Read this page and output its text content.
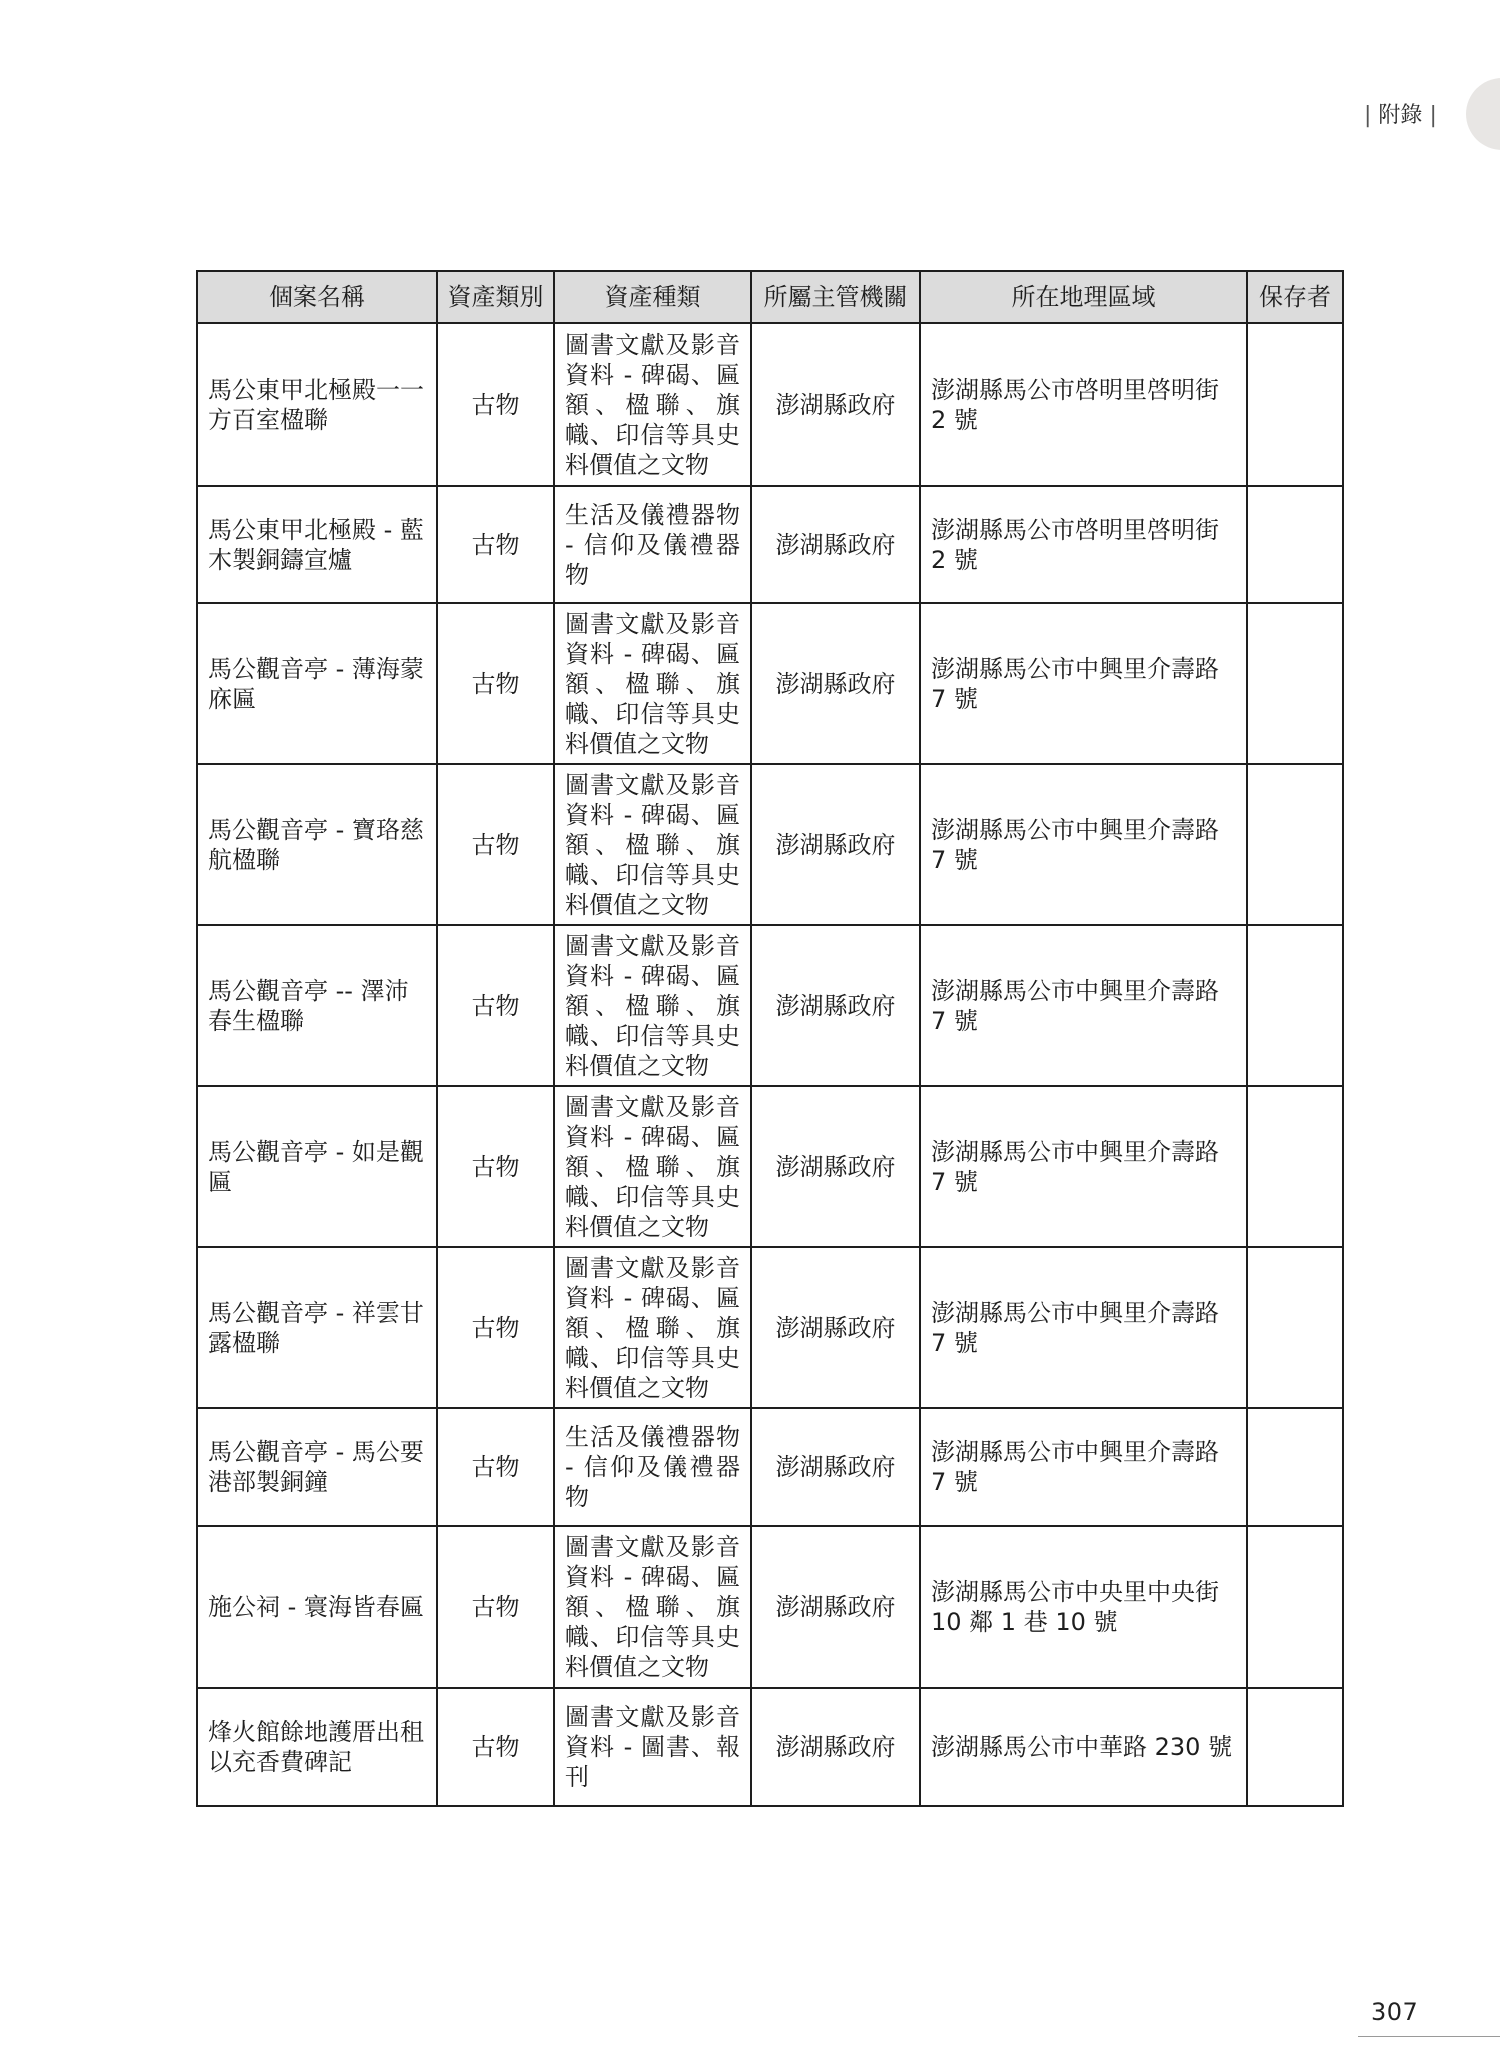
| 附錄 |
個案名稱	資產類別	資產種類	所屬主管機關	所在地理區域	保存者
馬公東甲北極殿一一方百室楹聯	古物	圖書文獻及影音資料 - 碑碣、匾額、楹聯、旗幟、印信等具史料價值之文物	澎湖縣政府	澎湖縣馬公市啓明里啓明街 2 號	
馬公東甲北極殿 - 藍木製銅鑄宣爐	古物	生活及儀禮器物 - 信仰及儀禮器物	澎湖縣政府	澎湖縣馬公市啓明里啓明街 2 號	
馬公觀音亭 - 薄海蒙庥匾	古物	圖書文獻及影音資料 - 碑碣、匾額、楹聯、旗幟、印信等具史料價值之文物	澎湖縣政府	澎湖縣馬公市中興里介壽路 7 號	
馬公觀音亭 - 寶珞慈航楹聯	古物	圖書文獻及影音資料 - 碑碣、匾額、楹聯、旗幟、印信等具史料價值之文物	澎湖縣政府	澎湖縣馬公市中興里介壽路 7 號	
馬公觀音亭 -- 澤沛春生楹聯	古物	圖書文獻及影音資料 - 碑碣、匾額、楹聯、旗幟、印信等具史料價值之文物	澎湖縣政府	澎湖縣馬公市中興里介壽路 7 號	
馬公觀音亭 - 如是觀匾	古物	圖書文獻及影音資料 - 碑碣、匾額、楹聯、旗幟、印信等具史料價值之文物	澎湖縣政府	澎湖縣馬公市中興里介壽路 7 號	
馬公觀音亭 - 祥雲甘露楹聯	古物	圖書文獻及影音資料 - 碑碣、匾額、楹聯、旗幟、印信等具史料價值之文物	澎湖縣政府	澎湖縣馬公市中興里介壽路 7 號	
馬公觀音亭 - 馬公要港部製銅鐘	古物	生活及儀禮器物 - 信仰及儀禮器物	澎湖縣政府	澎湖縣馬公市中興里介壽路 7 號	
施公祠 - 寰海皆春匾	古物	圖書文獻及影音資料 - 碑碣、匾額、楹聯、旗幟、印信等具史料價值之文物	澎湖縣政府	澎湖縣馬公市中央里中央街 10 鄰 1 巷 10 號	
烽火館餘地護厝出租以充香費碑記	古物	圖書文獻及影音資料 - 圖書、報刊	澎湖縣政府	澎湖縣馬公市中華路 230 號	
307
